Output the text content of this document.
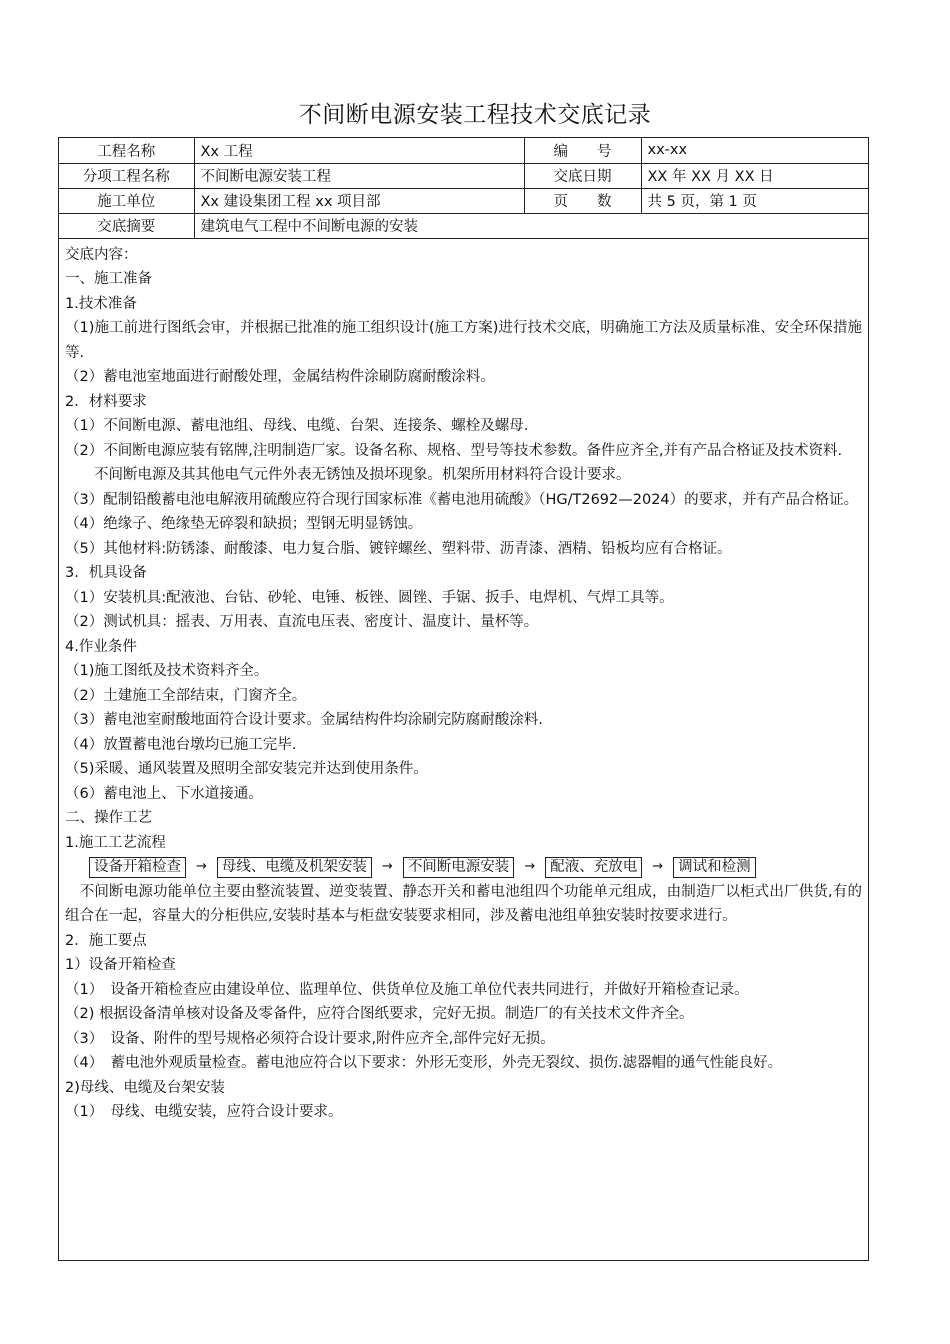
不间断电源安装工程技术交底记录
工程名称	Xx 工程	编　　号	xx-xx
分项工程名称	不间断电源安装工程	交底日期	XX 年 XX 月 XX 日
施工单位	Xx 建设集团工程 xx 项目部	页　　数	共 5 页，第 1 页
交底摘要	建筑电气工程中不间断电源的安装		
交底内容：
一、施工准备
1.技术准备
（1)施工前进行图纸会审，并根据已批准的施工组织设计(施工方案)进行技术交底，明确施工方法及质量标准、安全环保措施等.
（2）蓄电池室地面进行耐酸处理，金属结构件涂刷防腐耐酸涂料。
2．材料要求
（1）不间断电源、蓄电池组、母线、电缆、台架、连接条、螺栓及螺母.
（2）不间断电源应装有铭牌,注明制造厂家。设备名称、规格、型号等技术参数。备件应齐全,并有产品合格证及技术资料.
　　不间断电源及其其他电气元件外表无锈蚀及损坏现象。机架所用材料符合设计要求。
（3）配制铅酸蓄电池电解液用硫酸应符合现行国家标准《蓄电池用硫酸》（HG/T2692—2024）的要求，并有产品合格证。
（4）绝缘子、绝缘垫无碎裂和缺损；型钢无明显锈蚀。
（5）其他材料:防锈漆、耐酸漆、电力复合脂、镀锌螺丝、塑料带、沥青漆、酒精、铅板均应有合格证。
3．机具设备
（1）安装机具:配液池、台钻、砂轮、电锤、板锉、圆锉、手锯、扳手、电焊机、气焊工具等。
（2）测试机具：摇表、万用表、直流电压表、密度计、温度计、量杯等。
4.作业条件
（1)施工图纸及技术资料齐全。
（2）土建施工全部结束，门窗齐全。
（3）蓄电池室耐酸地面符合设计要求。金属结构件均涂刷完防腐耐酸涂料.
（4）放置蓄电池台墩均已施工完毕.
（5)采暖、通风装置及照明全部安装完并达到使用条件。
（6）蓄电池上、下水道接通。
二、操作工艺
1.施工工艺流程
设备开箱检查	→	母线、电缆及机架安装	→	不间断电源安装	→	配液、充放电	→	调试和检测
　不间断电源功能单位主要由整流装置、逆变装置、静态开关和蓄电池组四个功能单元组成，由制造厂以柜式出厂供货,有的组合在一起，容量大的分柜供应,安装时基本与柜盘安装要求相同，涉及蓄电池组单独安装时按要求进行。
2．施工要点
1）设备开箱检查
（1）　设备开箱检查应由建设单位、监理单位、供货单位及施工单位代表共同进行，并做好开箱检查记录。
（2) 根据设备清单核对设备及零备件，应符合图纸要求，完好无损。制造厂的有关技术文件齐全。
（3）　设备、附件的型号规格必须符合设计要求,附件应齐全,部件完好无损。
（4）　蓄电池外观质量检查。蓄电池应符合以下要求：外形无变形，外壳无裂纹、损伤.滤器帽的通气性能良好。
2)母线、电缆及台架安装
（1）　母线、电缆安装，应符合设计要求。
